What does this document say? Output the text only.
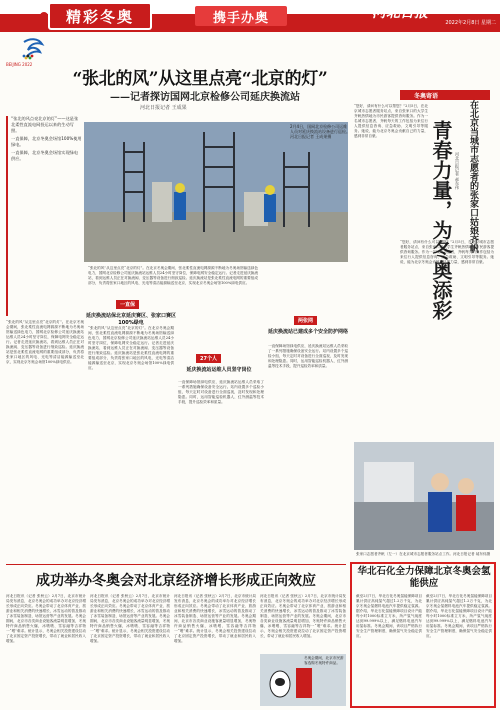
精彩冬奥	携手办奥	河北日报 T6
2022年2月8日 星期二
BEIJING 2022
“张北的风”从这里点亮“北京的灯”
——记者探访国网北京检修公司延庆换流站
河北日报记者 王成果

“张北的风点亮北京的灯”——这是张北柔性直流电网投运以来的生动写照。

一直保障，北京冬奥会场馆100%使用绿电。

一直保障，北京冬奥会场馆实现绿电供应。

2月4日，国网北京检修公司运维人员对延庆换流站设备进行巡检。河北日报记者 王成果摄
一直保
延庆换流站保北京延庆赛区、张家口赛区100%绿电
27个人
延庆换流站运维人员坚守岗位
两张网
延庆换流站已建成多个安全防护网络
“张北的风”从这里点亮“北京的灯”。在北京冬奥会期间，张北柔性直流电网源源不断地为冬奥场馆输送绿色电力，国网北京检修公司延庆换流站运维人员24小时坚守岗位，保障电网安全稳定运行。记者走进延庆换流站，看到运维人员正在对换流阀、变压器等设备进行细致巡检。延庆换流站是张北柔性直流电网的重要组成部分，负责将张家口地区的风电、光电等清洁能源输送至北京，实现北京冬奥会场馆100%绿电供应。
“张北的风”从这里点亮“北京的灯”。在北京冬奥会期间，张北柔性直流电网源源不断地为冬奥场馆输送绿色电力，国网北京检修公司延庆换流站运维人员24小时坚守岗位，保障电网安全稳定运行。记者走进延庆换流站，看到运维人员正在对换流阀、变压器等设备进行细致巡检。延庆换流站是张北柔性直流电网的重要组成部分，负责将张家口地区的风电、光电等清洁能源输送至北京，实现北京冬奥会场馆100%绿电供应。
一直保障场馆绿电供应，延庆换流站运维人员采取了一系列措施确保设备安全运行。站内设置多个巡检小组，每天定时对设备进行全面巡视，及时发现和处理隐患。同时，运用智能巡检机器人、红外测温等技术手段，提升巡检效率和质量。
一直保障场馆绿电供应，延庆换流站运维人员采取了一系列措施确保设备安全运行。站内设置多个巡检小组，每天定时对设备进行全面巡视，及时发现和处理隐患。同时，运用智能巡检机器人、红外测温等技术手段，提升巡检效率和质量。
“张北的风”从这里点亮“北京的灯”。在北京冬奥会期间，张北柔性直流电网源源不断地为冬奥场馆输送绿色电力，国网北京检修公司延庆换流站运维人员24小时坚守岗位，保障电网安全稳定运行。记者走进延庆换流站，看到运维人员正在对换流阀、变压器等设备进行细致巡检。延庆换流站是张北柔性直流电网的重要组成部分，负责将张家口地区的风电、光电等清洁能源输送至北京，实现北京冬奥会场馆100%绿电供应。
冬奥寄语
在北京当城市志愿者的张家口姑娘齐帆
青春力量，为冬奥添彩 河北日报记者 郝东伟
“您好，请问有什么可以帮您？”2月5日，在北京城市志愿者服务站点，来自张家口的大学生齐帆热情地为市民游客提供咨询服务。作为一名城市志愿者，齐帆每天的工作包括为来往行人提供信息咨询、应急救助、文明引导等服务。她说，能为北京冬奥会贡献自己的力量，感到非常自豪。
“您好，请问有什么可以帮您？”2月5日，在北京城市志愿者服务站点，来自张家口的大学生齐帆热情地为市民游客提供咨询服务。作为一名城市志愿者，齐帆每天的工作包括为来往行人提供信息咨询、应急救助、文明引导等服务。她说，能为北京冬奥会贡献自己的力量，感到非常自豪。
张家口志愿者齐帆（左一）在北京城市志愿者服务站点工作。河北日报记者 郝东伟摄
成功举办冬奥会对北京经济增长形成正向效应
河北日报讯（记者 张秋云）2月7日，北京市统计局发布消息，北京冬奥会的成功举办对北京经济增长形成正向效应。冬奥会带动了北京体育产业、旅游业和相关消费的快速增长，冰雪运动的普及推动了冰雪装备制造、场馆运营等产业的发展。冬奥会期间，北京市各类商业设施客流量明显增加，冬奥特许商品销售火爆，冰墩墩、雪容融等吉祥物一“墩”难求。统计显示，冬奥会相关投资建设拉动了北京固定资产投资增长，带动了就业和居民收入增加。
河北日报讯（记者 张秋云）2月7日，北京市统计局发布消息，北京冬奥会的成功举办对北京经济增长形成正向效应。冬奥会带动了北京体育产业、旅游业和相关消费的快速增长，冰雪运动的普及推动了冰雪装备制造、场馆运营等产业的发展。冬奥会期间，北京市各类商业设施客流量明显增加，冬奥特许商品销售火爆，冰墩墩、雪容融等吉祥物一“墩”难求。统计显示，冬奥会相关投资建设拉动了北京固定资产投资增长，带动了就业和居民收入增加。
河北日报讯（记者 张秋云）2月7日，北京市统计局发布消息，北京冬奥会的成功举办对北京经济增长形成正向效应。冬奥会带动了北京体育产业、旅游业和相关消费的快速增长，冰雪运动的普及推动了冰雪装备制造、场馆运营等产业的发展。冬奥会期间，北京市各类商业设施客流量明显增加，冬奥特许商品销售火爆，冰墩墩、雪容融等吉祥物一“墩”难求。统计显示，冬奥会相关投资建设拉动了北京固定资产投资增长，带动了就业和居民收入增加。
河北日报讯（记者 张秋云）2月7日，北京市统计局发布消息，北京冬奥会的成功举办对北京经济增长形成正向效应。冬奥会带动了北京体育产业、旅游业和相关消费的快速增长，冰雪运动的普及推动了冰雪装备制造、场馆运营等产业的发展。冬奥会期间，北京市各类商业设施客流量明显增加，冬奥特许商品销售火爆，冰墩墩、雪容融等吉祥物一“墩”难求。统计显示，冬奥会相关投资建设拉动了北京固定资产投资增长，带动了就业和居民收入增加。
冬奥会期间，北京市民游客选购冬奥特许商品。
华北石化全力保障北京冬奥会氢能供应
截至2月7日，华北石化冬奥氢能保障项目累计供应高纯氢气超过1.2万千克，为北京冬奥会氢燃料电池汽车提供稳定氢源。据介绍，华北石化氢能保障项目设计产能每小时1000标准立方米，所产氢气纯度达到99.999%以上，满足燃料电池汽车用氢标准。冬奥会期间，该项目严格执行安全生产管理制度，确保氢气安全稳定供应。
截至2月7日，华北石化冬奥氢能保障项目累计供应高纯氢气超过1.2万千克，为北京冬奥会氢燃料电池汽车提供稳定氢源。据介绍，华北石化氢能保障项目设计产能每小时1000标准立方米，所产氢气纯度达到99.999%以上，满足燃料电池汽车用氢标准。冬奥会期间，该项目严格执行安全生产管理制度，确保氢气安全稳定供应。
